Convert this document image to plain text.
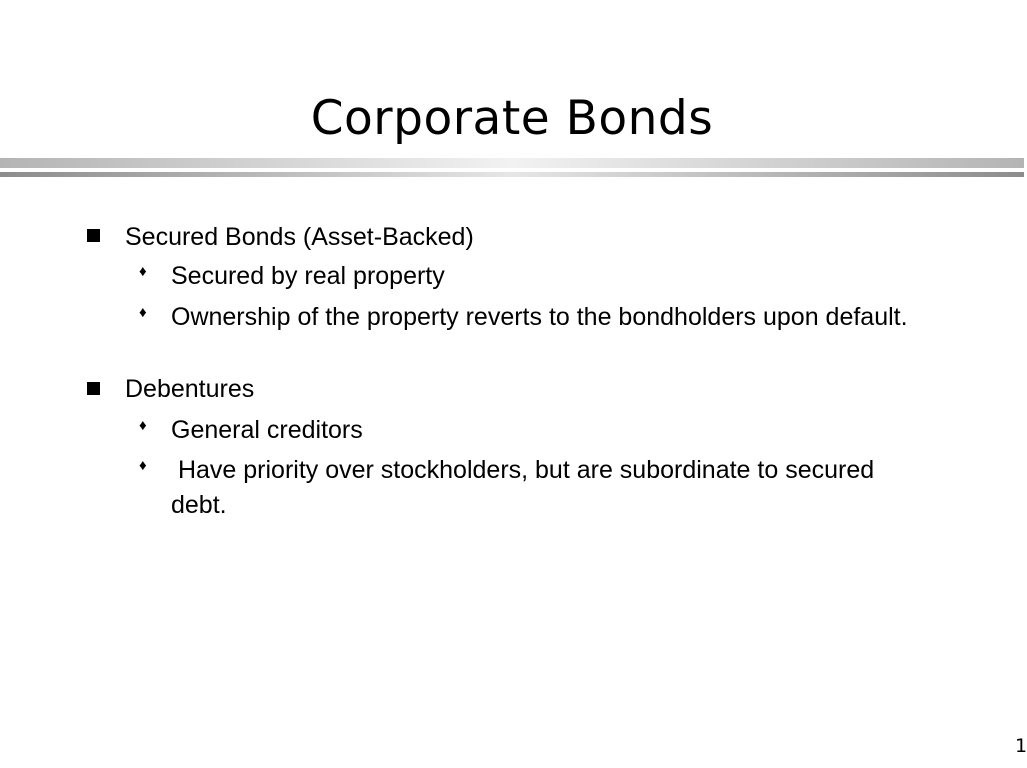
Corporate Bonds
Secured Bonds (Asset-Backed)
♦ Secured by real property
♦ Ownership of the property reverts to the bondholders upon default.
Debentures
♦ General creditors
♦ Have priority over stockholders, but are subordinate to secured debt.
1
